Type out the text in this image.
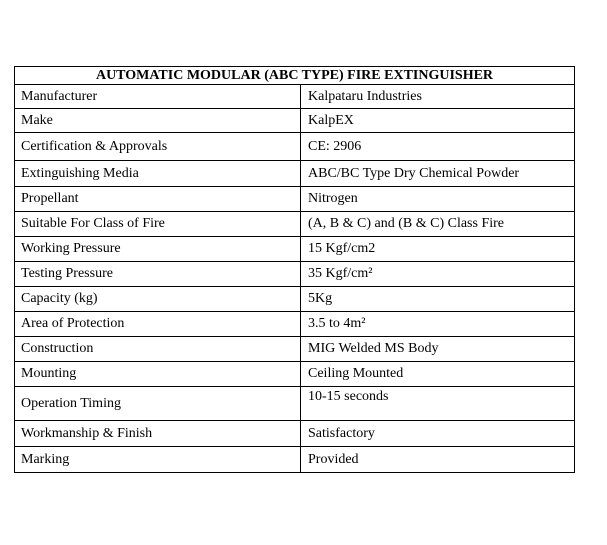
AUTOMATIC MODULAR (ABC TYPE) FIRE EXTINGUISHER	
Manufacturer	Kalpataru Industries
Make	KalpEX
Certification & Approvals	CE: 2906
Extinguishing Media	ABC/BC Type Dry Chemical Powder
Propellant	Nitrogen
Suitable For Class of Fire	(A, B & C) and (B & C) Class Fire
Working Pressure	15 Kgf/cm2
Testing Pressure	35 Kgf/cm²
Capacity (kg)	5Kg
Area of Protection	3.5 to 4m²
Construction	MIG Welded MS Body
Mounting	Ceiling Mounted
Operation Timing	10-15 seconds
Workmanship & Finish	Satisfactory
Marking	Provided
